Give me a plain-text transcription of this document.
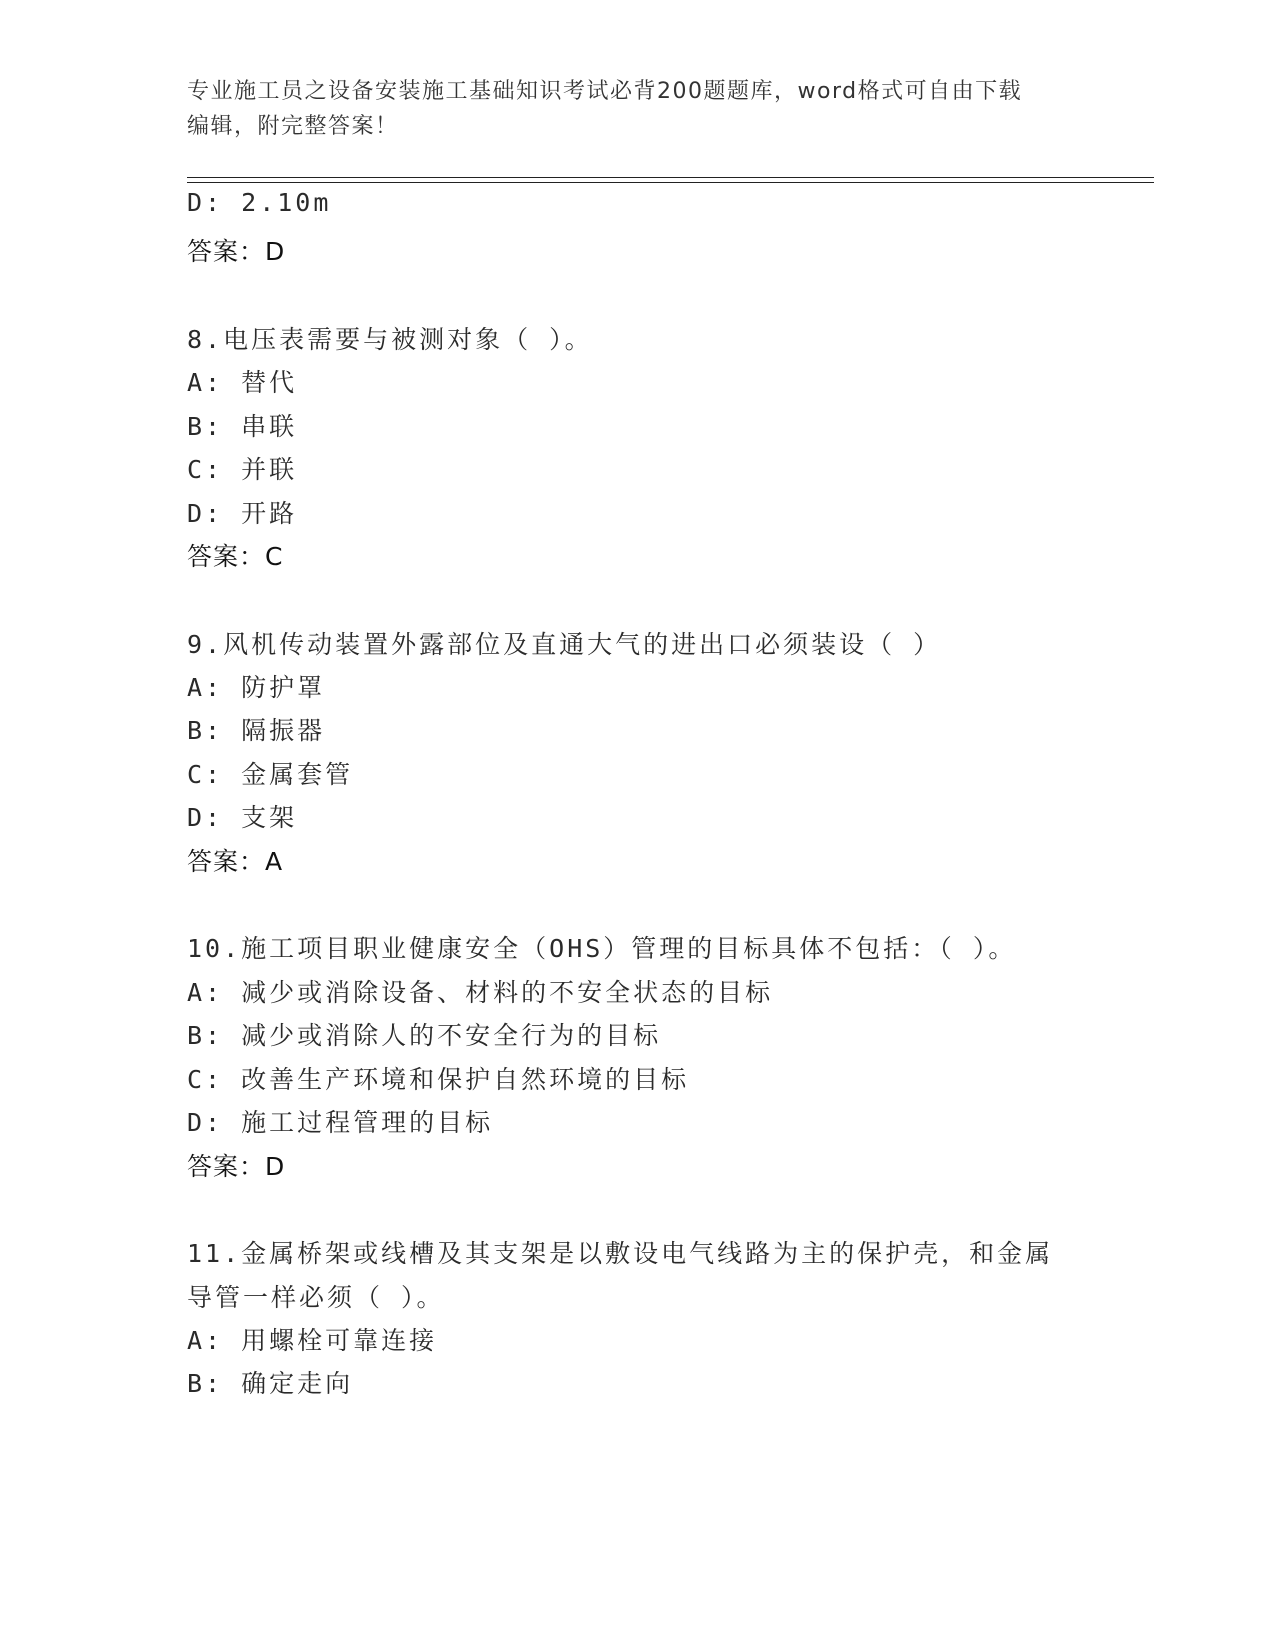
专业施工员之设备安装施工基础知识考试必背200题题库，word格式可自由下载
编辑，附完整答案！
D: 2.10m
答案：D
8.电压表需要与被测对象（ ）。
A: 替代
B: 串联
C: 并联
D: 开路
答案：C
9.风机传动装置外露部位及直通大气的进出口必须装设（ ）
A: 防护罩
B: 隔振器
C: 金属套管
D: 支架
答案：A
10.施工项目职业健康安全（OHS）管理的目标具体不包括：（ ）。
A: 减少或消除设备、材料的不安全状态的目标
B: 减少或消除人的不安全行为的目标
C: 改善生产环境和保护自然环境的目标
D: 施工过程管理的目标
答案：D
11.金属桥架或线槽及其支架是以敷设电气线路为主的保护壳，和金属
导管一样必须（ ）。
A: 用螺栓可靠连接
B: 确定走向
